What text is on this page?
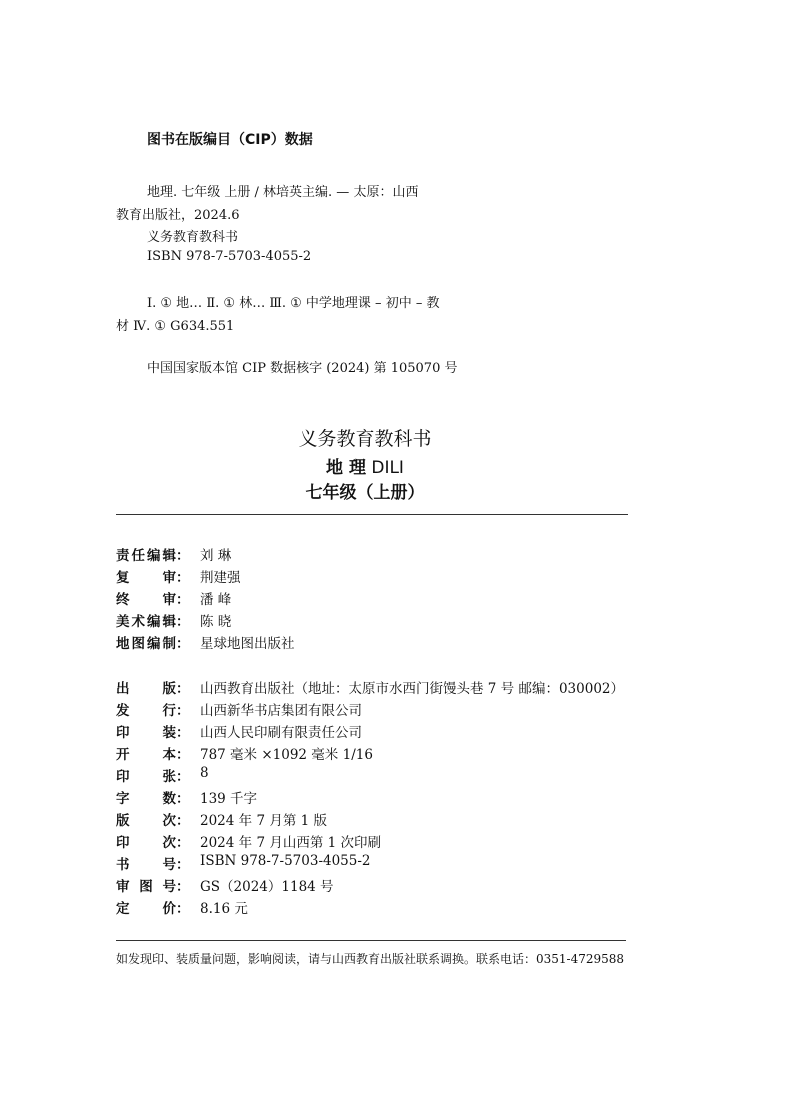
图书在版编目（CIP）数据
地理. 七年级 上册 / 林培英主编. — 太原：山西
教育出版社，2024.6
义务教育教科书
ISBN 978-7-5703-4055-2
Ⅰ. ① 地… Ⅱ. ① 林… Ⅲ. ① 中学地理课 – 初中 – 教
材 Ⅳ. ① G634.551
中国国家版本馆 CIP 数据核字 (2024) 第 105070 号
义务教育教科书
地 理 DILI
七年级（上册）
责任编辑： 刘 琳
复审： 荆建强
终审： 潘 峰
美术编辑： 陈 晓
地图编制： 星球地图出版社
出版： 山西教育出版社（地址：太原市水西门街馒头巷 7 号 邮编：030002）
发行： 山西新华书店集团有限公司
印装： 山西人民印刷有限责任公司
开本： 787 毫米 ×1092 毫米 1/16
印张： 8
字数： 139 千字
版次： 2024 年 7 月第 1 版
印次： 2024 年 7 月山西第 1 次印刷
书号： ISBN 978-7-5703-4055-2
审图号： GS（2024）1184 号
定价： 8.16 元
如发现印、装质量问题，影响阅读，请与山西教育出版社联系调换。联系电话：0351-4729588
